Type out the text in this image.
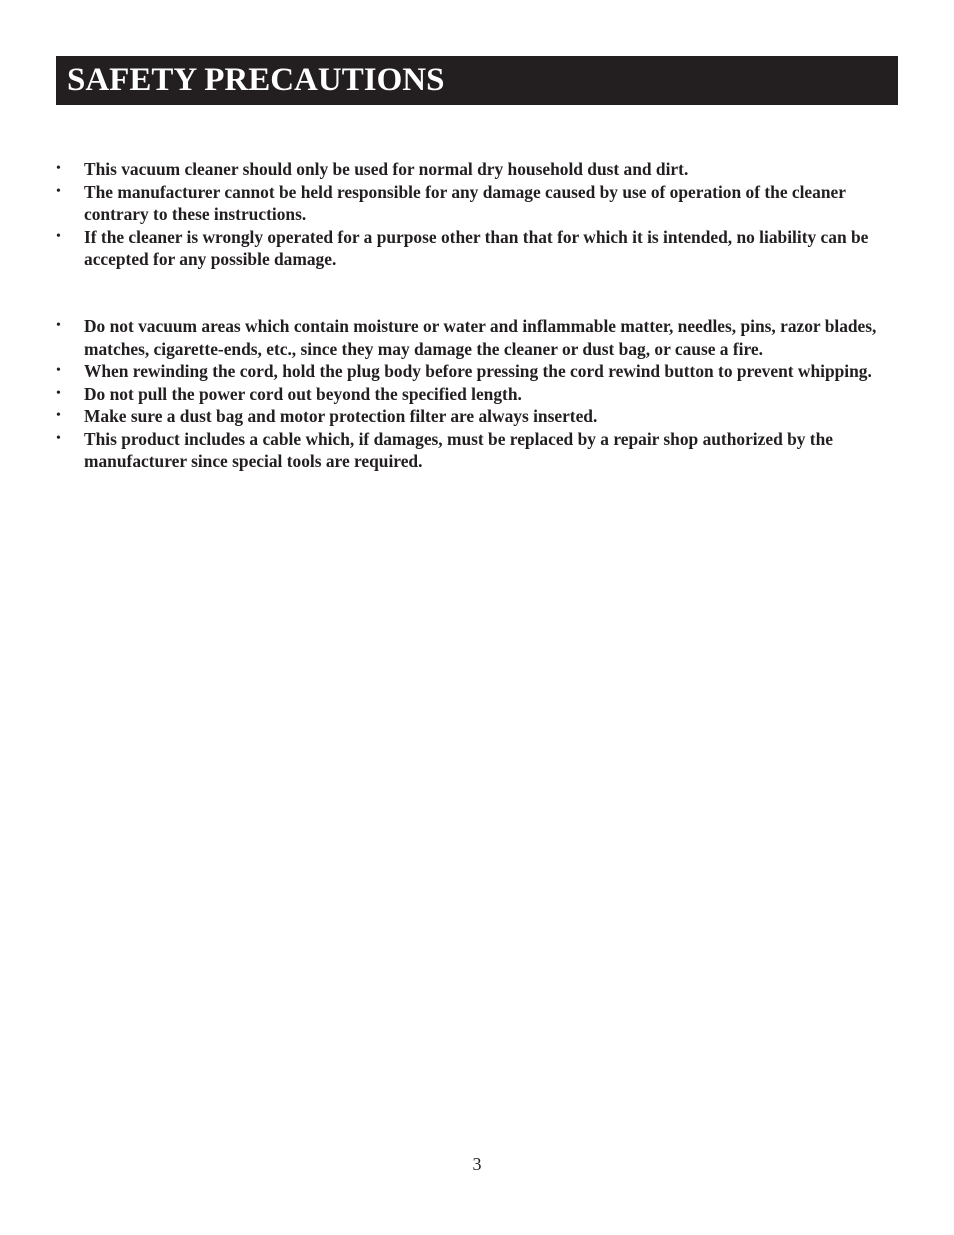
SAFETY PRECAUTIONS
• This vacuum cleaner should only be used for normal dry household dust and dirt.
• The manufacturer cannot be held responsible for any damage caused by use of operation of the cleaner contrary to these instructions.
• If the cleaner is wrongly operated for a purpose other than that for which it is intended, no liability can be accepted for any possible damage.
• Do not vacuum areas which contain moisture or water and inflammable matter, needles, pins, razor blades, matches, cigarette-ends, etc., since they may damage the cleaner or dust bag, or cause a fire.
• When rewinding the cord, hold the plug body before pressing the cord rewind button to prevent whipping.
• Do not pull the power cord out beyond the specified length.
• Make sure a dust bag and motor protection filter are always inserted.
• This product includes a cable which, if damages, must be replaced by a repair shop authorized by the manufacturer since special tools are required.

3
